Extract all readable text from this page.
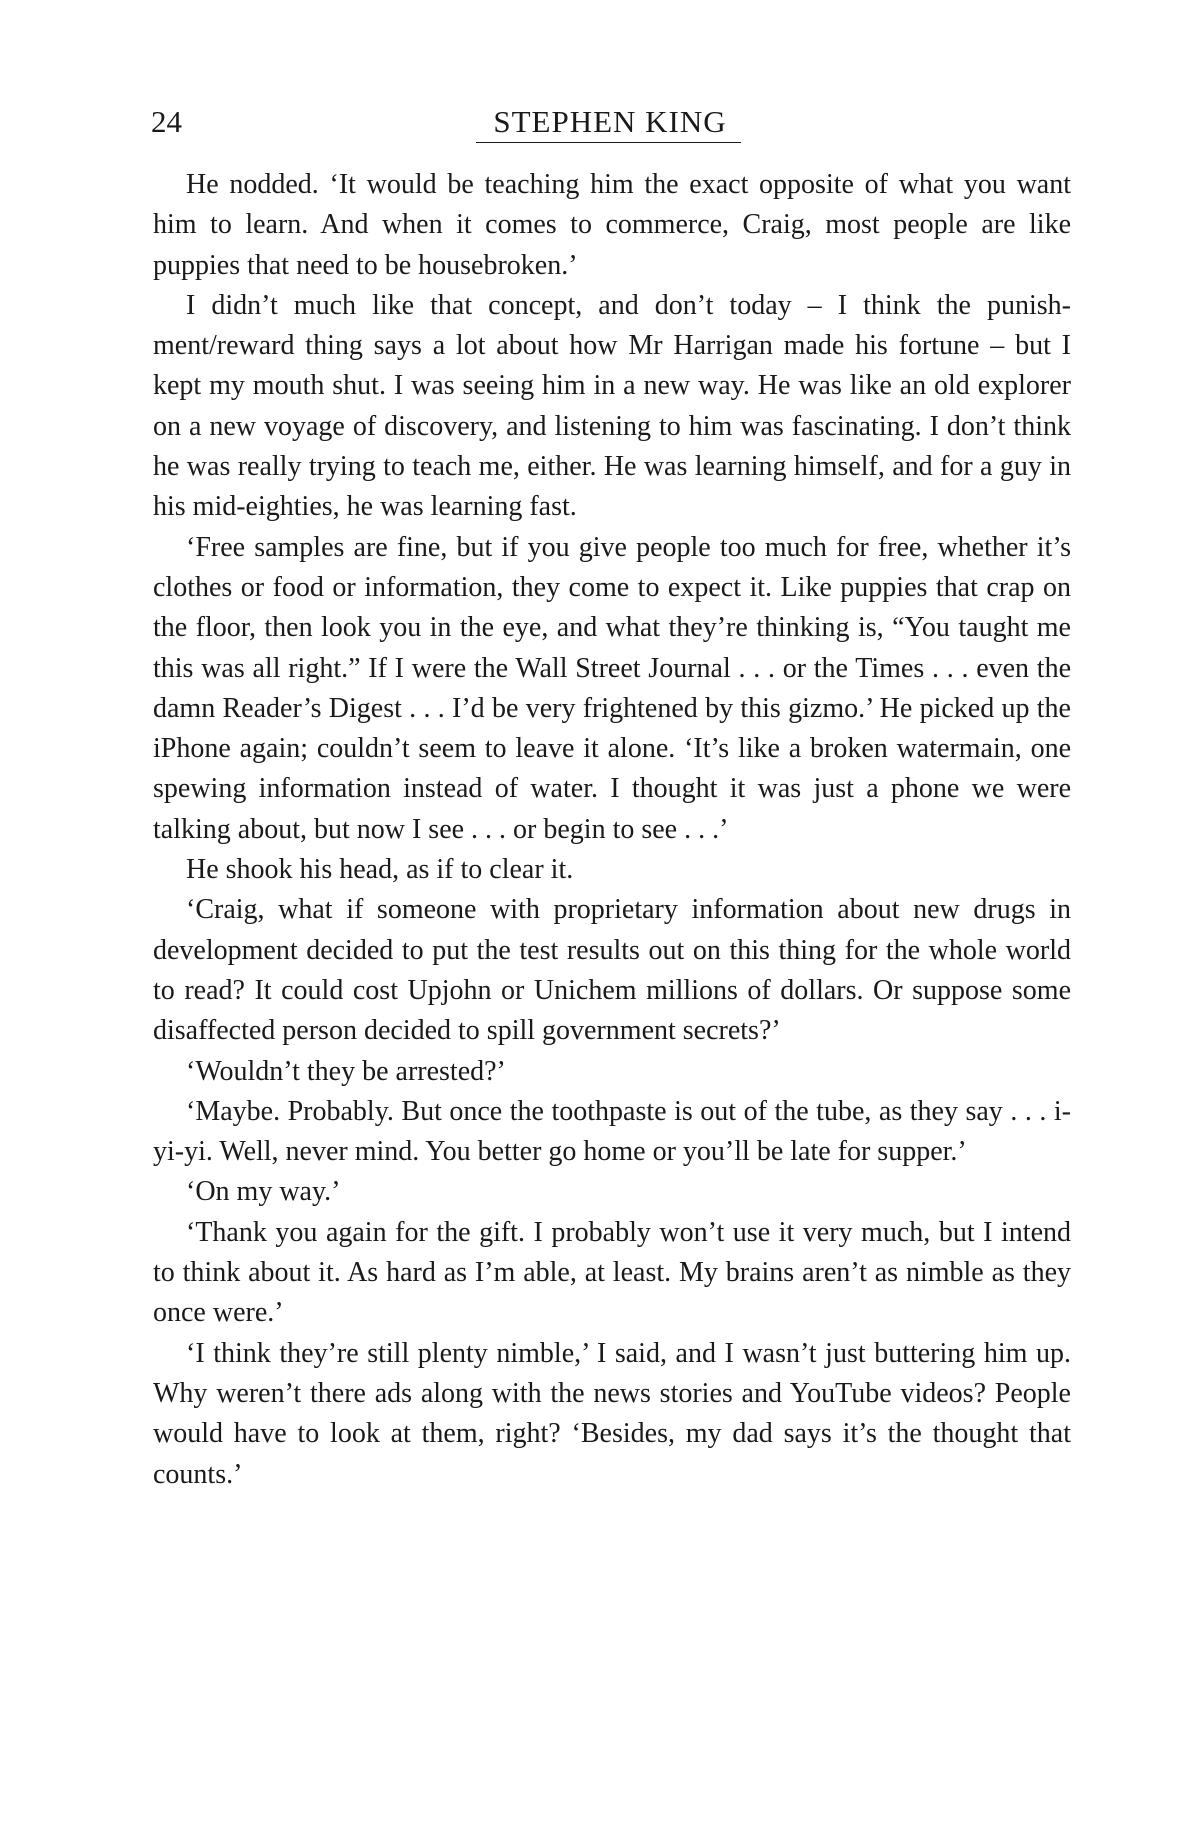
24	STEPHEN KING

He nodded. ‘It would be teaching him the exact opposite of what you want him to learn. And when it comes to commerce, Craig, most people are like puppies that need to be housebroken.’

I didn’t much like that concept, and don’t today – I think the punishment/reward thing says a lot about how Mr Harrigan made his fortune – but I kept my mouth shut. I was seeing him in a new way. He was like an old explorer on a new voyage of discovery, and listening to him was fascinating. I don’t think he was really trying to teach me, either. He was learning himself, and for a guy in his mid-eighties, he was learning fast.

‘Free samples are fine, but if you give people too much for free, whether it’s clothes or food or information, they come to expect it. Like puppies that crap on the floor, then look you in the eye, and what they’re thinking is, “You taught me this was all right.” If I were the Wall Street Journal . . . or the Times . . . even the damn Reader’s Digest . . . I’d be very frightened by this gizmo.’ He picked up the iPhone again; couldn’t seem to leave it alone. ‘It’s like a broken watermain, one spewing information instead of water. I thought it was just a phone we were talking about, but now I see . . . or begin to see . . .’

He shook his head, as if to clear it.

‘Craig, what if someone with proprietary information about new drugs in development decided to put the test results out on this thing for the whole world to read? It could cost Upjohn or Unichem millions of dollars. Or suppose some disaffected person decided to spill government secrets?’

‘Wouldn’t they be arrested?’

‘Maybe. Probably. But once the toothpaste is out of the tube, as they say . . . i-yi-yi. Well, never mind. You better go home or you’ll be late for supper.’

‘On my way.’

‘Thank you again for the gift. I probably won’t use it very much, but I intend to think about it. As hard as I’m able, at least. My brains aren’t as nimble as they once were.’

‘I think they’re still plenty nimble,’ I said, and I wasn’t just buttering him up. Why weren’t there ads along with the news stories and YouTube videos? People would have to look at them, right? ‘Besides, my dad says it’s the thought that counts.’
